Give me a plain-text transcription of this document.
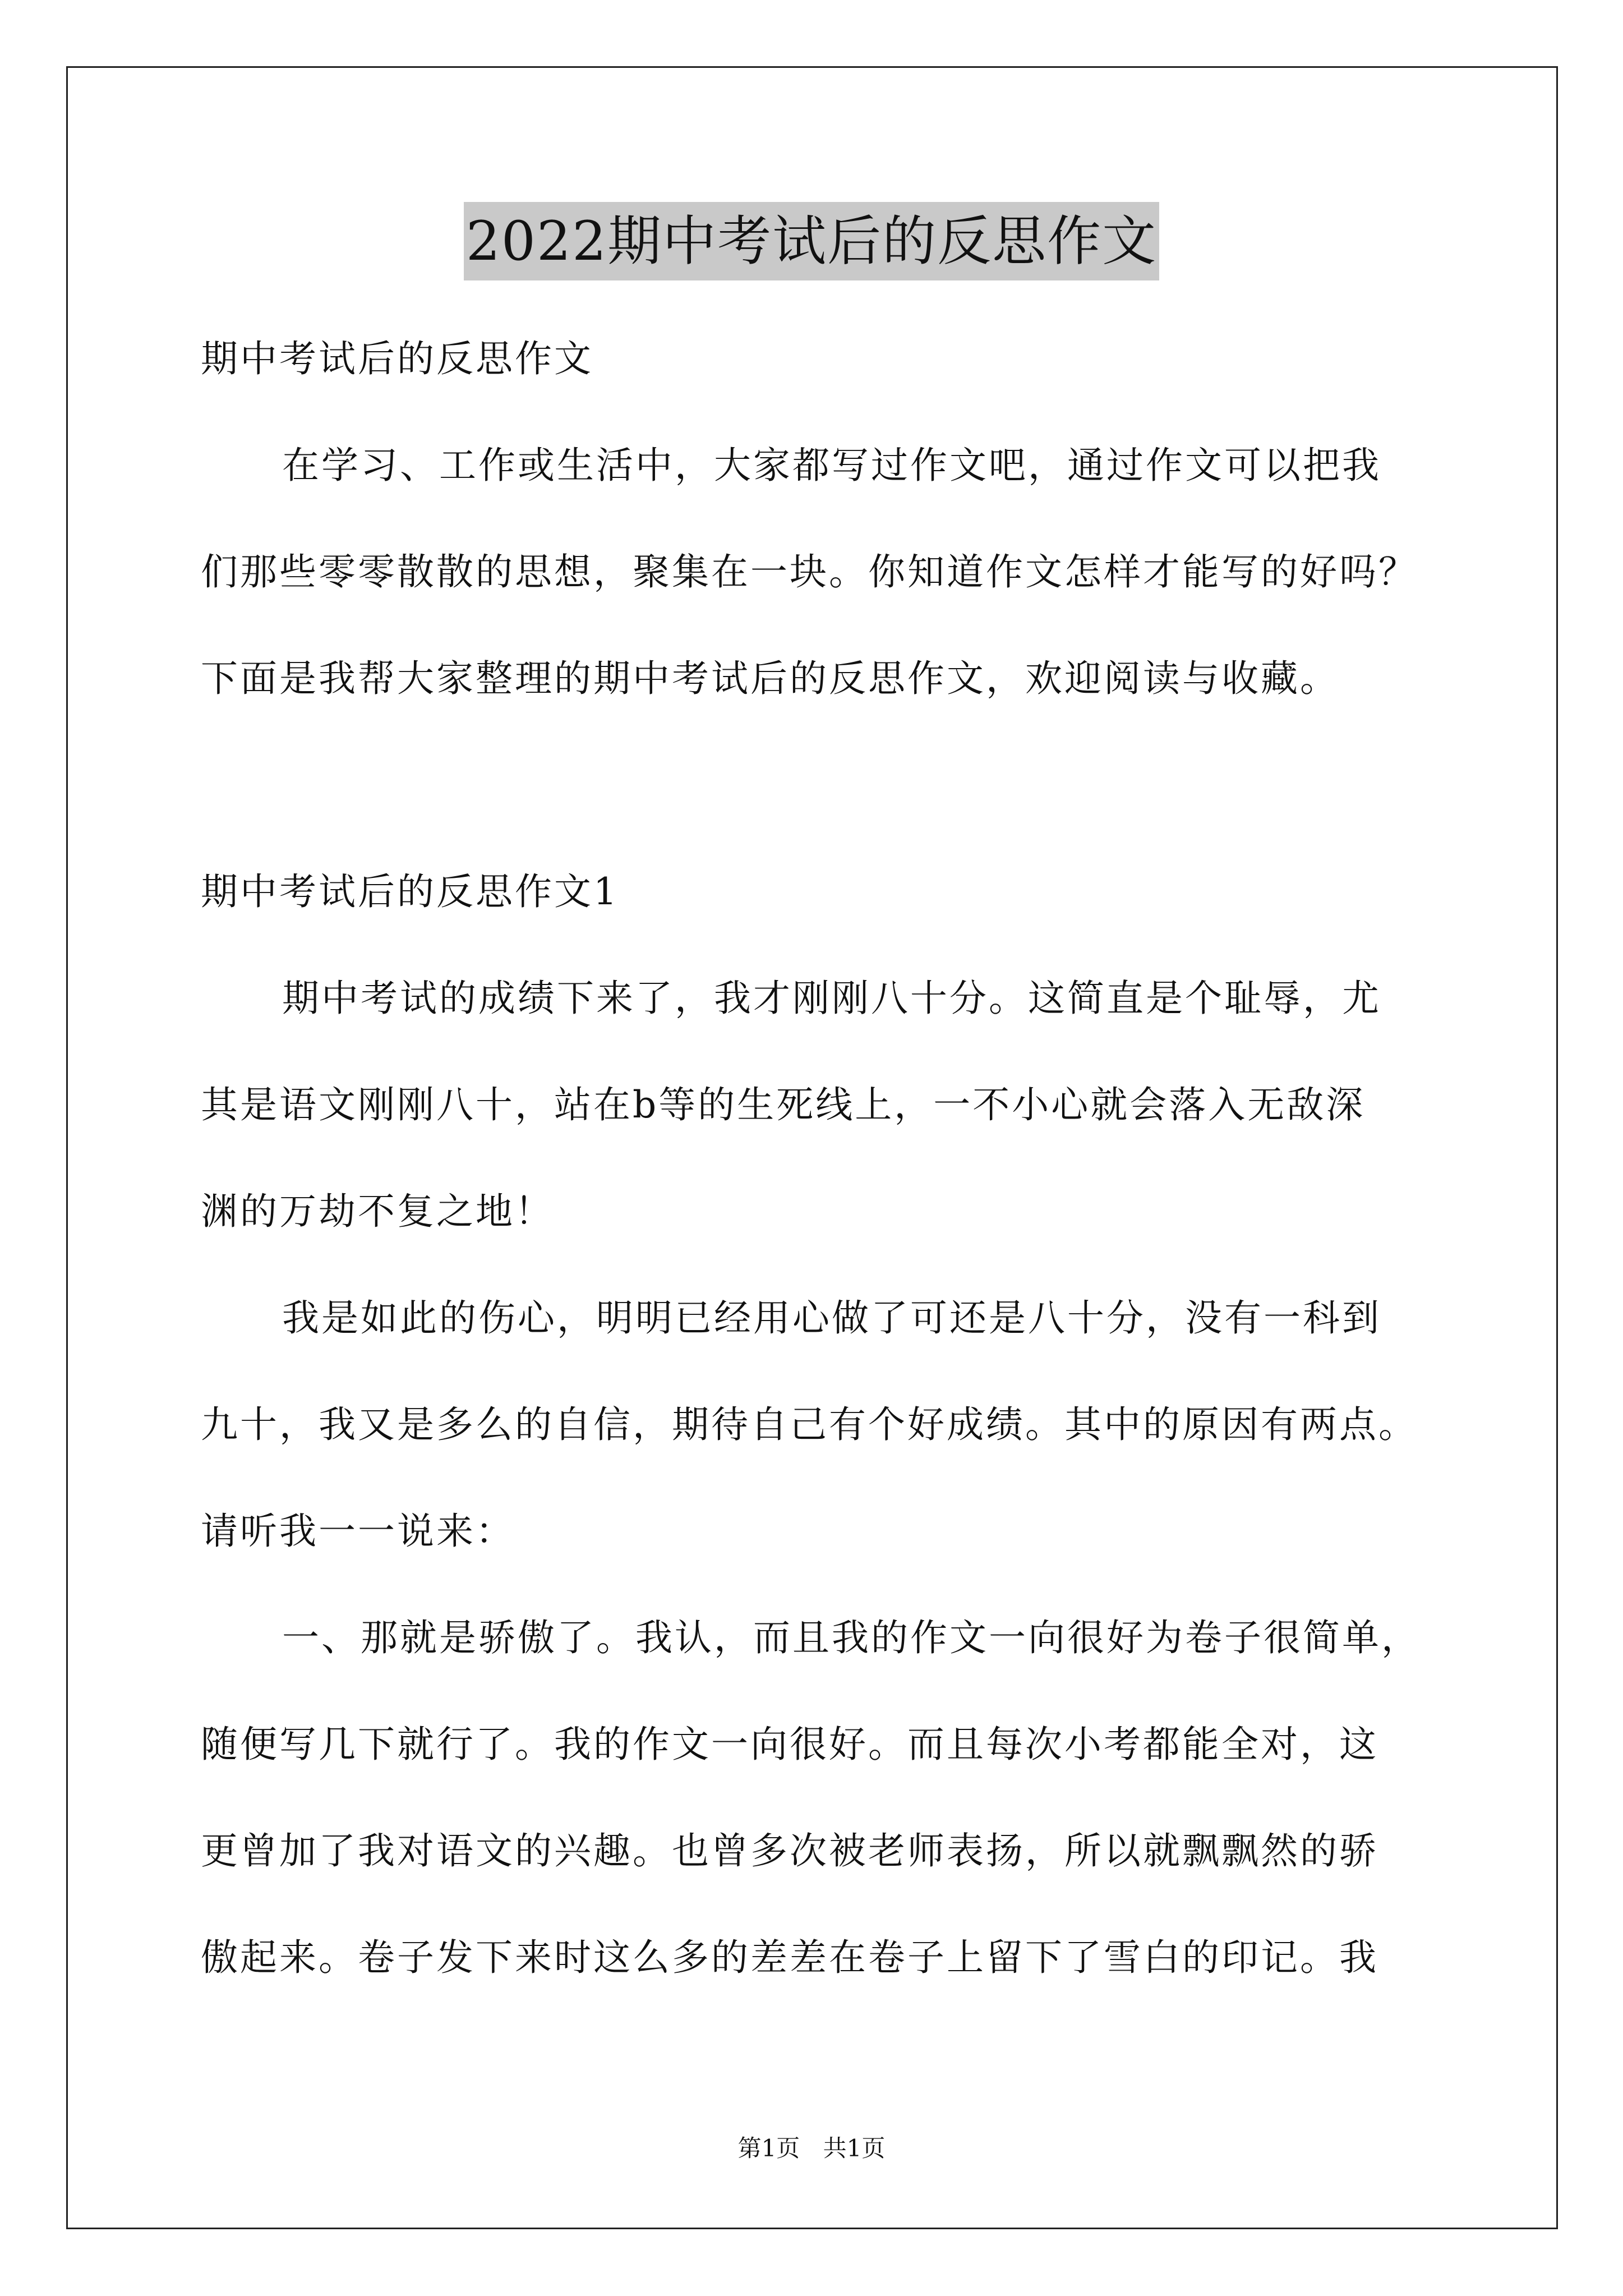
2022期中考试后的反思作文
期中考试后的反思作文
在学习、工作或生活中，大家都写过作文吧，通过作文可以把我
们那些零零散散的思想，聚集在一块。你知道作文怎样才能写的好吗？
下面是我帮大家整理的期中考试后的反思作文，欢迎阅读与收藏。
期中考试后的反思作文1
期中考试的成绩下来了，我才刚刚八十分。这简直是个耻辱，尤
其是语文刚刚八十，站在b等的生死线上，一不小心就会落入无敌深
渊的万劫不复之地！
我是如此的伤心，明明已经用心做了可还是八十分，没有一科到
九十，我又是多么的自信，期待自己有个好成绩。其中的原因有两点。
请听我一一说来：
一、那就是骄傲了。我认，而且我的作文一向很好为卷子很简单，
随便写几下就行了。我的作文一向很好。而且每次小考都能全对，这
更曾加了我对语文的兴趣。也曾多次被老师表扬，所以就飘飘然的骄
傲起来。卷子发下来时这么多的差差在卷子上留下了雪白的印记。我
第1页 共1页
